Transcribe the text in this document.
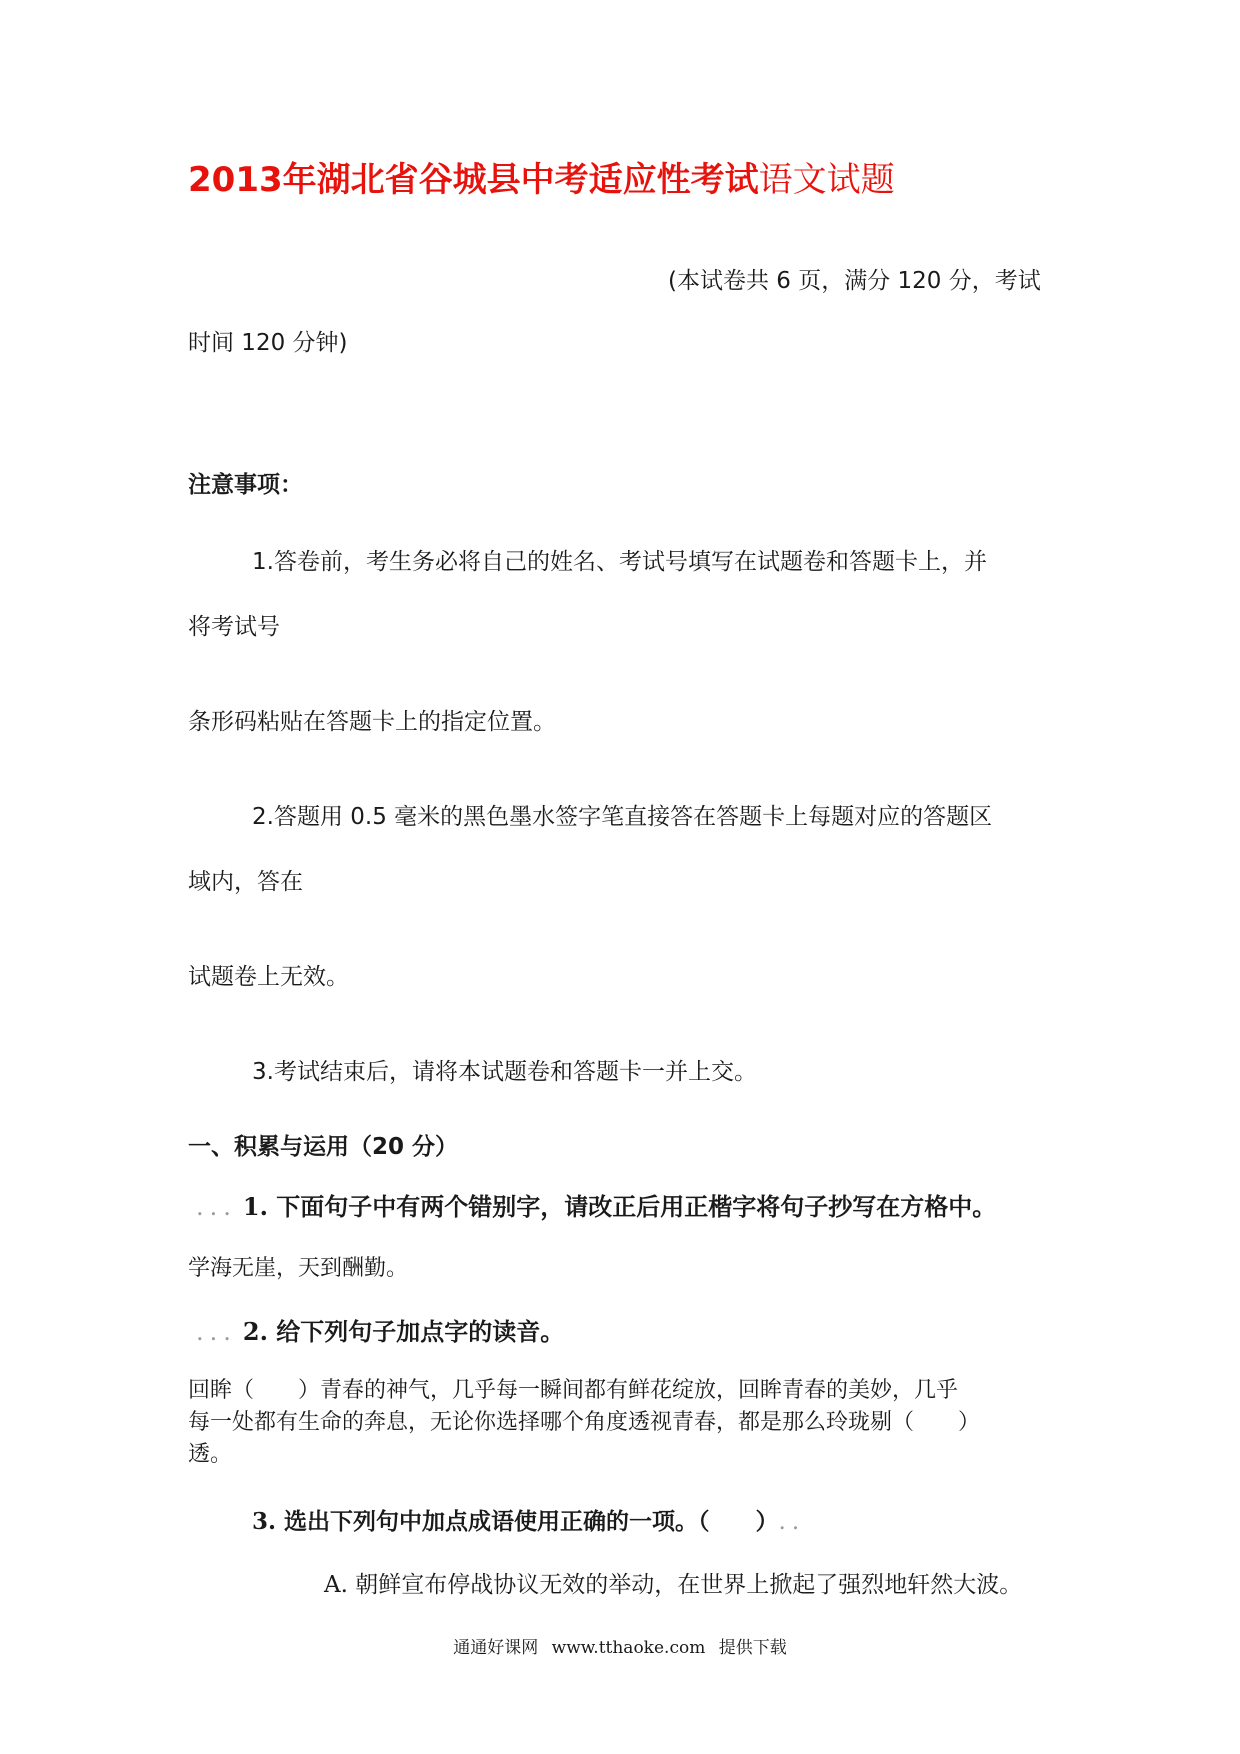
2013年湖北省谷城县中考适应性考试语文试题
(本试卷共 6 页，满分 120 分，考试
时间 120 分钟)
注意事项：
1.答卷前，考生务必将自己的姓名、考试号填写在试题卷和答题卡上，并
将考试号
条形码粘贴在答题卡上的指定位置。
2.答题用 0.5 毫米的黑色墨水签字笔直接答在答题卡上每题对应的答题区
域内，答在
试题卷上无效。
3.考试结束后，请将本试题卷和答题卡一并上交。
一、积累与运用（20 分）
... 1. 下面句子中有两个错别字，请改正后用正楷字将句子抄写在方格中。
学海无崖，天到酬勤。
... 2. 给下列句子加点字的读音。
回眸（　　）青春的神气，几乎每一瞬间都有鲜花绽放，回眸青春的美妙，几乎
每一处都有生命的奔息，无论你选择哪个角度透视青春，都是那么玲珑剔（　　）
透。
3. 选出下列句中加点成语使用正确的一项。（　　）..
A. 朝鲜宣布停战协议无效的举动，在世界上掀起了强烈地轩然大波。
通通好课网 www.tthaoke.com 提供下载
